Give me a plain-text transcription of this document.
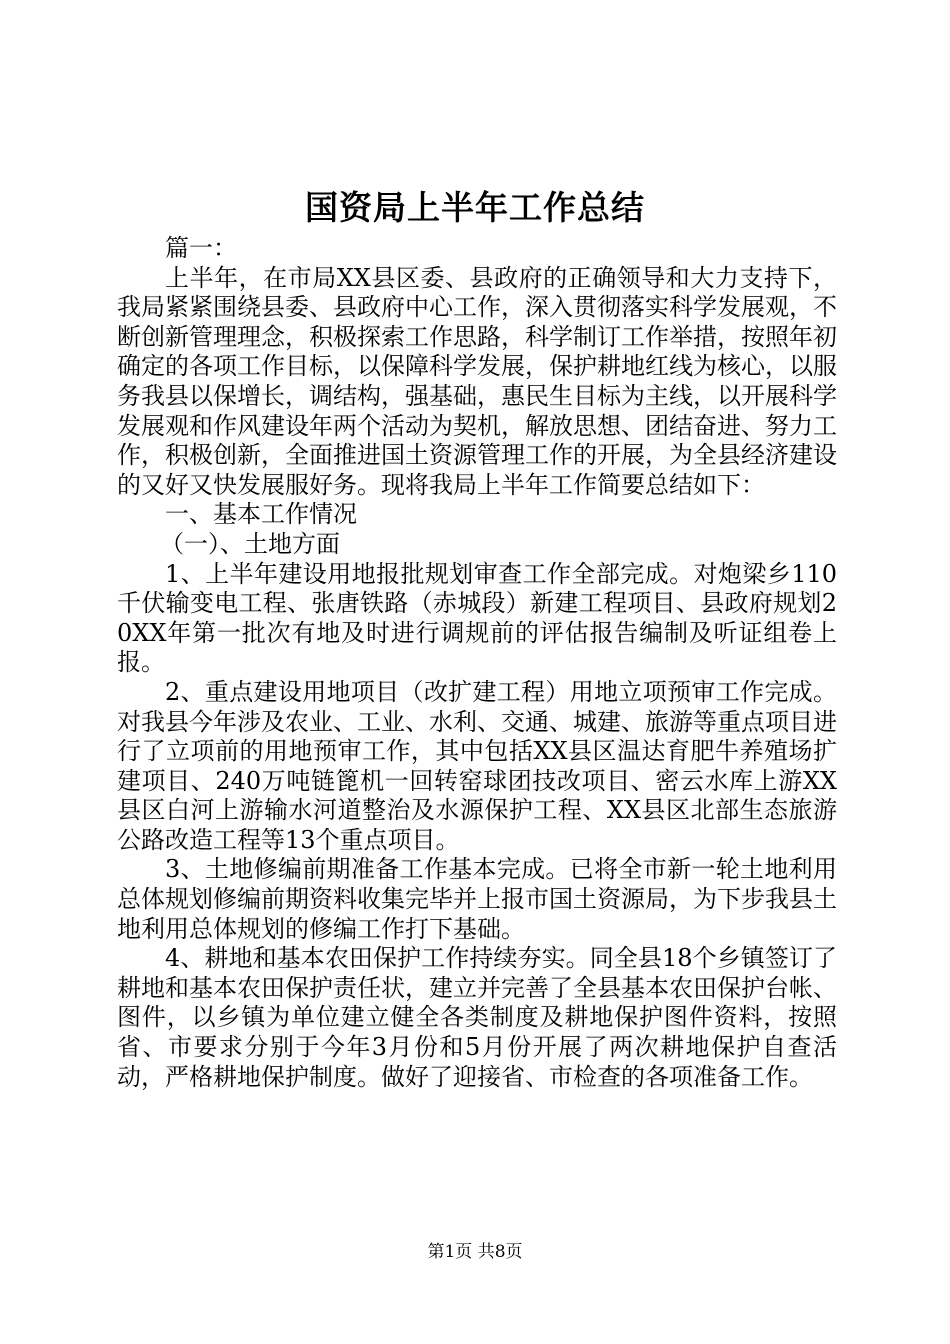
国资局上半年工作总结

篇一：

上半年，在市局XX县区委、县政府的正确领导和大力支持下，我局紧紧围绕县委、县政府中心工作，深入贯彻落实科学发展观，不断创新管理理念，积极探索工作思路，科学制订工作举措，按照年初确定的各项工作目标，以保障科学发展，保护耕地红线为核心，以服务我县以保增长，调结构，强基础，惠民生目标为主线，以开展科学发展观和作风建设年两个活动为契机，解放思想、团结奋进、努力工作，积极创新，全面推进国土资源管理工作的开展，为全县经济建设的又好又快发展服好务。现将我局上半年工作简要总结如下：

一、基本工作情况

（一）、土地方面

1、上半年建设用地报批规划审查工作全部完成。对炮梁乡110千伏输变电工程、张唐铁路（赤城段）新建工程项目、县政府规划20XX年第一批次有地及时进行调规前的评估报告编制及听证组卷上报。

2、重点建设用地项目（改扩建工程）用地立项预审工作完成。对我县今年涉及农业、工业、水利、交通、城建、旅游等重点项目进行了立项前的用地预审工作，其中包括XX县区温达育肥牛养殖场扩建项目、240万吨链篦机一回转窑球团技改项目、密云水库上游XX县区白河上游输水河道整治及水源保护工程、XX县区北部生态旅游公路改造工程等13个重点项目。

3、土地修编前期准备工作基本完成。已将全市新一轮土地利用总体规划修编前期资料收集完毕并上报市国土资源局，为下步我县土地利用总体规划的修编工作打下基础。

4、耕地和基本农田保护工作持续夯实。同全县18个乡镇签订了耕地和基本农田保护责任状，建立并完善了全县基本农田保护台帐、图件，以乡镇为单位建立健全各类制度及耕地保护图件资料，按照省、市要求分别于今年3月份和5月份开展了两次耕地保护自查活动，严格耕地保护制度。做好了迎接省、市检查的各项准备工作。

第1页 共8页
